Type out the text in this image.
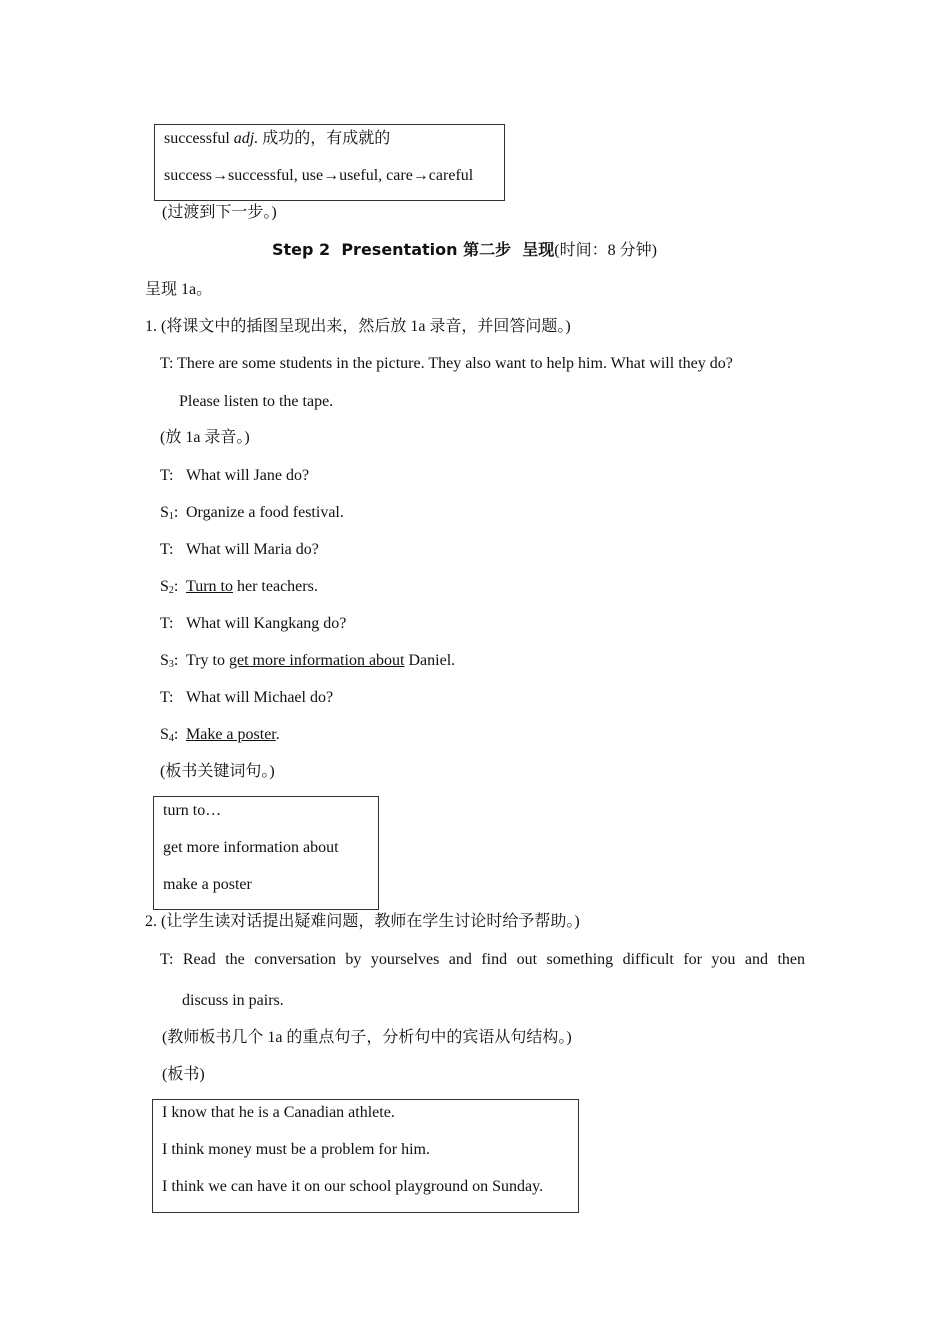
successful adj. 成功的，有成就的
success→successful, use→useful, care→careful
(过渡到下一步。)
Step 2  Presentation 第二步  呈现(时间：8 分钟)
呈现 1a。
1. (将课文中的插图呈现出来，然后放 1a 录音，并回答问题。)
T: There are some students in the picture. They also want to help him. What will they do?
Please listen to the tape.
(放 1a 录音。)
T: What will Jane do?
$S_1$: Organize a food festival.
T: What will Maria do?
$S_2$: Turn to her teachers.
T: What will Kangkang do?
$S_3$: Try to get more information about Daniel.
T: What will Michael do?
$S_4$: Make a poster.
(板书关键词句。)
turn to…
get more information about
make a poster
2. (让学生读对话提出疑难问题，教师在学生讨论时给予帮助。)
T: Read the conversation by yourselves and find out something difficult for you and then
discuss in pairs.
(教师板书几个 1a 的重点句子，分析句中的宾语从句结构。)
(板书)
I know that he is a Canadian athlete.
I think money must be a problem for him.
I think we can have it on our school playground on Sunday.
